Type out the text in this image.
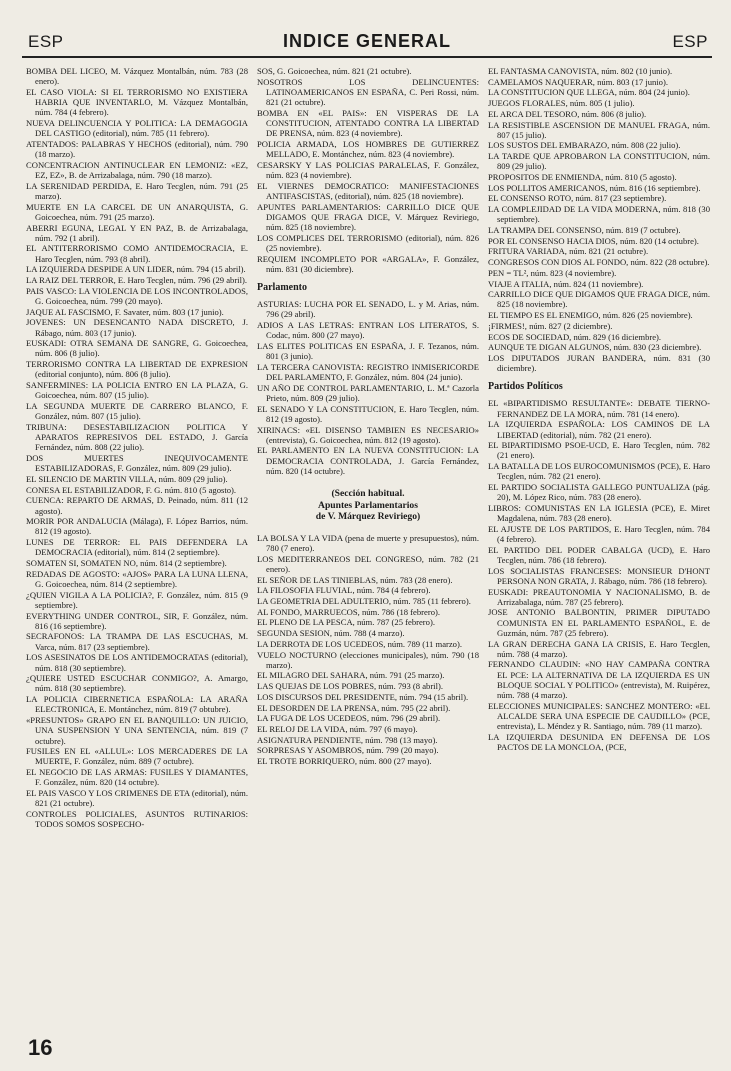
ESP	INDICE GENERAL	ESP

BOMBA DEL LICEO, M. Vázquez Montalbán, núm. 783 (28 enero).

EL CASO VIOLA: SI EL TERRORISMO NO EXISTIERA HABRIA QUE INVENTARLO, M. Vázquez Montalbán, núm. 784 (4 febrero).

NUEVA DELINCUENCIA Y POLITICA: LA DEMAGOGIA DEL CASTIGO (editorial), núm. 785 (11 febrero).

ATENTADOS: PALABRAS Y HECHOS (editorial), núm. 790 (18 marzo).

CONCENTRACION ANTINUCLEAR EN LEMONIZ: «EZ, EZ, EZ», B. de Arrizabalaga, núm. 790 (18 marzo).

LA SERENIDAD PERDIDA, E. Haro Tecglen, núm. 791 (25 marzo).

MUERTE EN LA CARCEL DE UN ANARQUISTA, G. Goicoechea, núm. 791 (25 marzo).

ABERRI EGUNA, LEGAL Y EN PAZ, B. de Arrizabalaga, núm. 792 (1 abril).

EL ANTITERRORISMO COMO ANTIDEMOCRACIA, E. Haro Tecglen, núm. 793 (8 abril).

LA IZQUIERDA DESPIDE A UN LIDER, núm. 794 (15 abril).

LA RAIZ DEL TERROR, E. Haro Tecglen, núm. 796 (29 abril).

PAIS VASCO: LA VIOLENCIA DE LOS INCONTROLADOS, G. Goicoechea, núm. 799 (20 mayo).

JAQUE AL FASCISMO, F. Savater, núm. 803 (17 junio).

JOVENES: UN DESENCANTO NADA DISCRETO, J. Rábago, núm. 803 (17 junio).

EUSKADI: OTRA SEMANA DE SANGRE, G. Goicoechea, núm. 806 (8 julio).

TERRORISMO CONTRA LA LIBERTAD DE EXPRESION (editorial conjunto), núm. 806 (8 julio).

SANFERMINES: LA POLICIA ENTRO EN LA PLAZA, G. Goicoechea, núm. 807 (15 julio).

LA SEGUNDA MUERTE DE CARRERO BLANCO, F. González, núm. 807 (15 julio).

TRIBUNA: DESESTABILIZACION POLITICA Y APARATOS REPRESIVOS DEL ESTADO, J. García Fernández, núm. 808 (22 julio).

DOS MUERTES INEQUIVOCAMENTE ESTABILIZADORAS, F. González, núm. 809 (29 julio).

EL SILENCIO DE MARTIN VILLA, núm. 809 (29 julio).

CONESA EL ESTABILIZADOR, F. G. núm. 810 (5 agosto).

CUENCA: REPARTO DE ARMAS, D. Peinado, núm. 811 (12 agosto).

MORIR POR ANDALUCIA (Málaga), F. López Barrios, núm. 812 (19 agosto).

LUNES DE TERROR: EL PAIS DEFENDERA LA DEMOCRACIA (editorial), núm. 814 (2 septiembre).

SOMATEN SI, SOMATEN NO, núm. 814 (2 septiembre).

REDADAS DE AGOSTO: «AJOS» PARA LA LUNA LLENA, G. Goicoechea, núm. 814 (2 septiembre).

¿QUIEN VIGILA A LA POLICIA?, F. González, núm. 815 (9 septiembre).

EVERYTHING UNDER CONTROL, SIR, F. González, núm. 816 (16 septiembre).

SECRAFONOS: LA TRAMPA DE LAS ESCUCHAS, M. Varca, núm. 817 (23 septiembre).

LOS ASESINATOS DE LOS ANTIDEMOCRATAS (editorial), núm. 818 (30 septiembre).

¿QUIERE USTED ESCUCHAR CONMIGO?, A. Amargo, núm. 818 (30 septiembre).

LA POLICIA CIBERNETICA ESPAÑOLA: LA ARAÑA ELECTRONICA, E. Montánchez, núm. 819 (7 obtubre).

«PRESUNTOS» GRAPO EN EL BANQUILLO: UN JUICIO, UNA SUSPENSION Y UNA SENTENCIA, núm. 819 (7 octubre).

FUSILES EN EL «ALLUL»: LOS MERCADERES DE LA MUERTE, F. González, núm. 889 (7 octubre).

EL NEGOCIO DE LAS ARMAS: FUSILES Y DIAMANTES, F. González, núm. 820 (14 octubre).

EL PAIS VASCO Y LOS CRIMENES DE ETA (editorial), núm. 821 (21 octubre).

CONTROLES POLICIALES, ASUNTOS RUTINARIOS: TODOS SOMOS SOSPECHO-

SOS, G. Goicoechea, núm. 821 (21 octubre).

NOSOTROS LOS DELINCUENTES: LATINOAMERICANOS EN ESPAÑA, C. Peri Rossi, núm. 821 (21 octubre).

BOMBA EN «EL PAIS»: EN VISPERAS DE LA CONSTITUCION, ATENTADO CONTRA LA LIBERTAD DE PRENSA, núm. 823 (4 noviembre).

POLICIA ARMADA, LOS HOMBRES DE GUTIERREZ MELLADO, E. Montánchez, núm. 823 (4 noviembre).

CESARSKY Y LAS POLICIAS PARALELAS, F. González, núm. 823 (4 noviembre).

EL VIERNES DEMOCRATICO: MANIFESTACIONES ANTIFASCISTAS, (editorial), núm. 825 (18 noviembre).

APUNTES PARLAMENTARIOS: CARRILLO DICE QUE DIGAMOS QUE FRAGA DICE, V. Márquez Reviriego, núm. 825 (18 noviembre).

LOS COMPLICES DEL TERRORISMO (editorial), núm. 826 (25 noviembre).

REQUIEM INCOMPLETO POR «ARGALA», F. González, núm. 831 (30 diciembre).

Parlamento

ASTURIAS: LUCHA POR EL SENADO, L. y M. Arias, núm. 796 (29 abril).

ADIOS A LAS LETRAS: ENTRAN LOS LITERATOS, S. Codac, núm. 800 (27 mayo).

LAS ELITES POLITICAS EN ESPAÑA, J. F. Tezanos, núm. 801 (3 junio).

LA TERCERA CANOVISTA: REGISTRO INMISERICORDE DEL PARLAMENTO, F. González, núm. 804 (24 junio).

UN AÑO DE CONTROL PARLAMENTARIO, L. M.ª Cazorla Prieto, núm. 809 (29 julio).

EL SENADO Y LA CONSTITUCION, E. Haro Tecglen, núm. 812 (19 agosto).

XIRINACS: «EL DISENSO TAMBIEN ES NECESARIO» (entrevista), G. Goicoechea, núm. 812 (19 agosto).

EL PARLAMENTO EN LA NUEVA CONSTITUCION: LA DEMOCRACIA CONTROLADA, J. García Fernández, núm. 820 (14 octubre).

(Sección habitual.
Apuntes Parlamentarios
de V. Márquez Reviriego)

LA BOLSA Y LA VIDA (pena de muerte y presupuestos), núm. 780 (7 enero).

LOS MEDITERRANEOS DEL CONGRESO, núm. 782 (21 enero).

EL SEÑOR DE LAS TINIEBLAS, núm. 783 (28 enero).

LA FILOSOFIA FLUVIAL, núm. 784 (4 febrero).

LA GEOMETRIA DEL ADULTERIO, núm. 785 (11 febrero).

AL FONDO, MARRUECOS, núm. 786 (18 febrero).

EL PLENO DE LA PESCA, núm. 787 (25 febrero).

SEGUNDA SESION, núm. 788 (4 marzo).

LA DERROTA DE LOS UCEDEOS, núm. 789 (11 marzo).

VUELO NOCTURNO (elecciones municipales), núm. 790 (18 marzo).

EL MILAGRO DEL SAHARA, núm. 791 (25 marzo).

LAS QUEJAS DE LOS POBRES, núm. 793 (8 abril).

LOS DISCURSOS DEL PRESIDENTE, núm. 794 (15 abril).

EL DESORDEN DE LA PRENSA, núm. 795 (22 abril).

LA FUGA DE LOS UCEDEOS, núm. 796 (29 abril).

EL RELOJ DE LA VIDA, núm. 797 (6 mayo).

ASIGNATURA PENDIENTE, núm. 798 (13 mayo).

SORPRESAS Y ASOMBROS, núm. 799 (20 mayo).

EL TROTE BORRIQUERO, núm. 800 (27 mayo).

EL FANTASMA CANOVISTA, núm. 802 (10 junio).

CAMELAMOS NAQUERAR, núm. 803 (17 junio).

LA CONSTITUCION QUE LLEGA, núm. 804 (24 junio).

JUEGOS FLORALES, núm. 805 (1 julio).

EL ARCA DEL TESORO, núm. 806 (8 julio).

LA RESISTIBLE ASCENSION DE MANUEL FRAGA, núm. 807 (15 julio).

LOS SUSTOS DEL EMBARAZO, núm. 808 (22 julio).

LA TARDE QUE APROBARON LA CONSTITUCION, núm. 809 (29 julio).

PROPOSITOS DE ENMIENDA, núm. 810 (5 agosto).

LOS POLLITOS AMERICANOS, núm. 816 (16 septiembre).

EL CONSENSO ROTO, núm. 817 (23 septiembre).

LA COMPLEJIDAD DE LA VIDA MODERNA, núm. 818 (30 septiembre).

LA TRAMPA DEL CONSENSO, núm. 819 (7 octubre).

POR EL CONSENSO HACIA DIOS, núm. 820 (14 octubre).

FRITURA VARIADA, núm. 821 (21 octubre).

CONGRESOS CON DIOS AL FONDO, núm. 822 (28 octubre).

PEN = TL², núm. 823 (4 noviembre).

VIAJE A ITALIA, núm. 824 (11 noviembre).

CARRILLO DICE QUE DIGAMOS QUE FRAGA DICE, núm. 825 (18 noviembre).

EL TIEMPO ES EL ENEMIGO, núm. 826 (25 noviembre).

¡FIRMES!, núm. 827 (2 diciembre).

ECOS DE SOCIEDAD, núm. 829 (16 diciembre).

AUNQUE TE DIGAN ALGUNOS, núm. 830 (23 diciembre).

LOS DIPUTADOS JURAN BANDERA, núm. 831 (30 diciembre).

Partidos Políticos

EL «BIPARTIDISMO RESULTANTE»: DEBATE TIERNO-FERNANDEZ DE LA MORA, núm. 781 (14 enero).

LA IZQUIERDA ESPAÑOLA: LOS CAMINOS DE LA LIBERTAD (editorial), núm. 782 (21 enero).

EL BIPARTIDISMO PSOE-UCD, E. Haro Tecglen, núm. 782 (21 enero).

LA BATALLA DE LOS EUROCOMUNISMOS (PCE), E. Haro Tecglen, núm. 782 (21 enero).

EL PARTIDO SOCIALISTA GALLEGO PUNTUALIZA (pág. 20), M. López Rico, núm. 783 (28 enero).

LIBROS: COMUNISTAS EN LA IGLESIA (PCE), E. Miret Magdalena, núm. 783 (28 enero).

EL AJUSTE DE LOS PARTIDOS, E. Haro Tecglen, núm. 784 (4 febrero).

EL PARTIDO DEL PODER CABALGA (UCD), E. Haro Tecglen, núm. 786 (18 febrero).

LOS SOCIALISTAS FRANCESES: MONSIEUR D'HONT PERSONA NON GRATA, J. Rábago, núm. 786 (18 febrero).

EUSKADI: PREAUTONOMIA Y NACIONALISMO, B. de Arrizabalaga, núm. 787 (25 febrero).

JOSE ANTONIO BALBONTIN, PRIMER DIPUTADO COMUNISTA EN EL PARLAMENTO ESPAÑOL, E. de Guzmán, núm. 787 (25 febrero).

LA GRAN DERECHA GANA LA CRISIS, E. Haro Tecglen, núm. 788 (4 marzo).

FERNANDO CLAUDIN: «NO HAY CAMPAÑA CONTRA EL PCE: LA ALTERNATIVA DE LA IZQUIERDA ES UN BLOQUE SOCIAL Y POLITICO» (entrevista), M. Ruipérez, núm. 788 (4 marzo).

ELECCIONES MUNICIPALES: SANCHEZ MONTERO: «EL ALCALDE SERA UNA ESPECIE DE CAUDILLO» (PCE, entrevista), L. Méndez y R. Santiago, núm. 789 (11 marzo).

LA IZQUIERDA DESUNIDA EN DEFENSA DE LOS PACTOS DE LA MONCLOA, (PCE,

16
